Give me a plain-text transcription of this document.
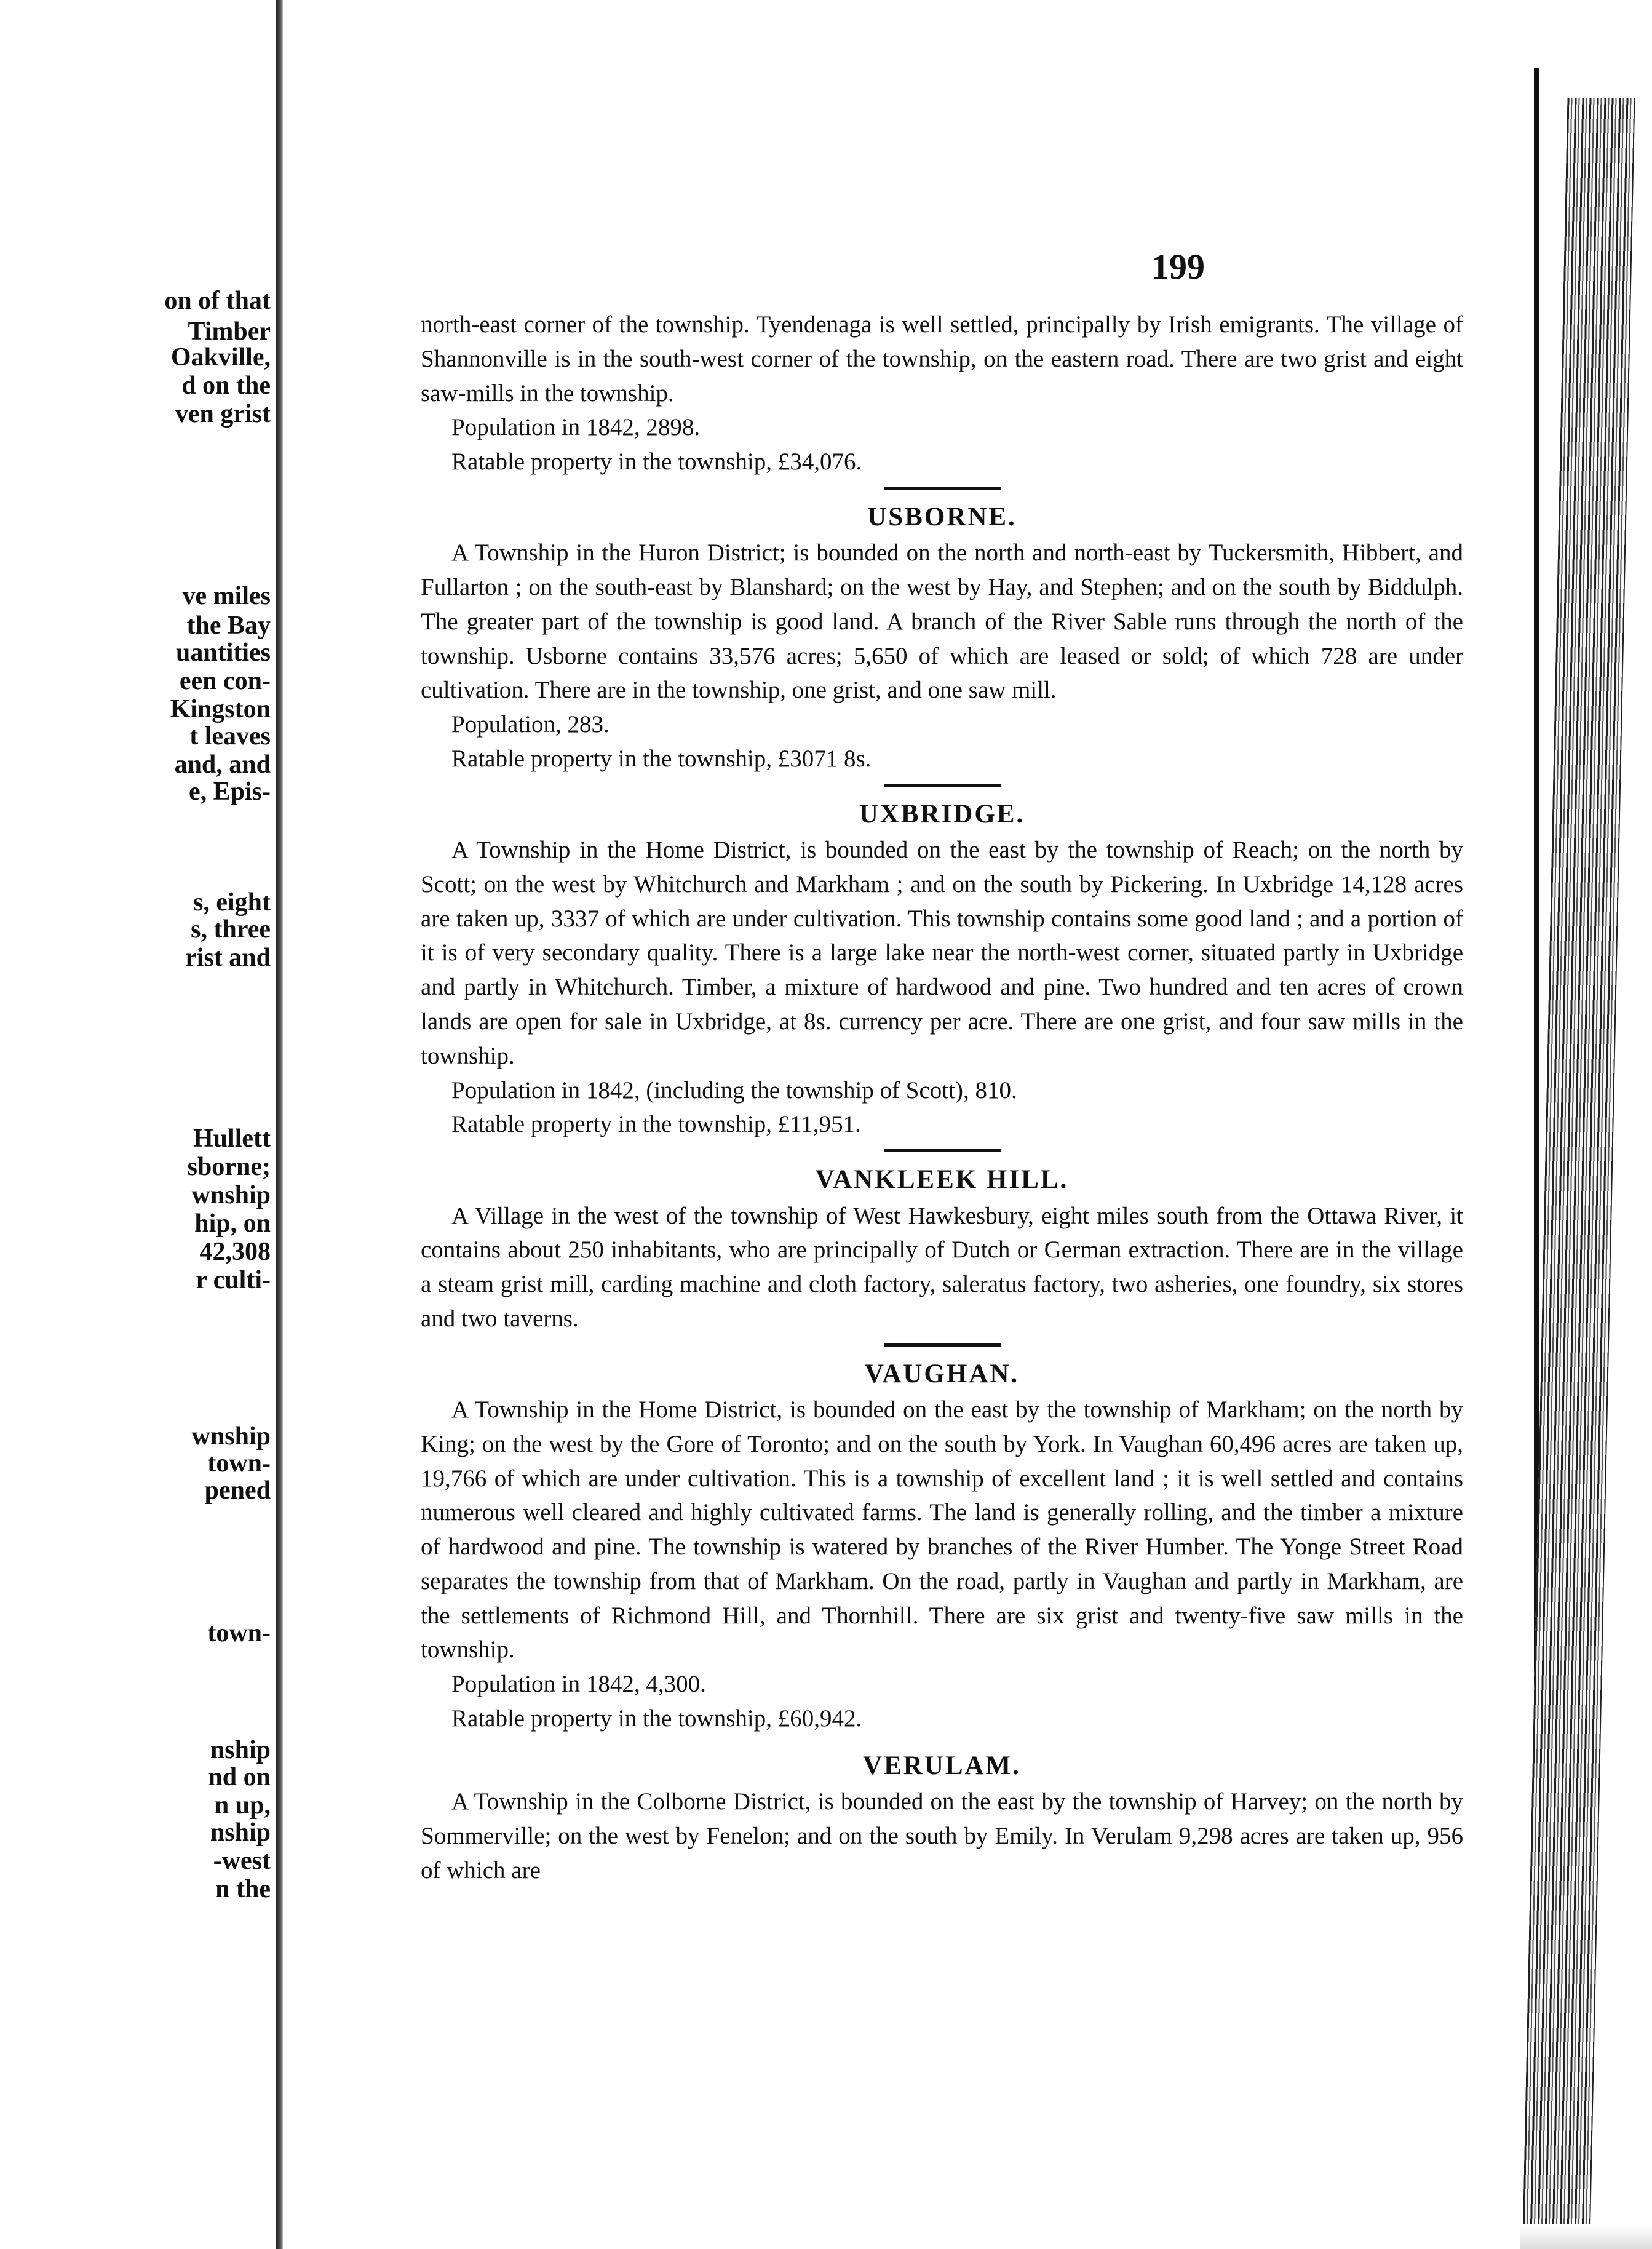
on of that

Timber

Oakville,

d on the

ven grist

ve miles

the Bay

uantities

een con-

Kingston

t leaves

and, and

e, Epis-

s, eight

s, three

rist and

Hullett

sborne;

wnship

hip, on

42,308

r culti-

wnship

town-

pened

town-

nship

nd on

n up,

nship

-west

n the

199

north-east corner of the township. Tyendenaga is well settled, principally by Irish emigrants. The village of Shannonville is in the south-west corner of the township, on the eastern road. There are two grist and eight saw-mills in the township.

Population in 1842, 2898.

Ratable property in the township, £34,076.

USBORNE.

A Township in the Huron District; is bounded on the north and north-east by Tuckersmith, Hibbert, and Fullarton ; on the south-east by Blanshard; on the west by Hay, and Stephen; and on the south by Biddulph. The greater part of the township is good land. A branch of the River Sable runs through the north of the township. Usborne contains 33,576 acres; 5,650 of which are leased or sold; of which 728 are under cultivation. There are in the township, one grist, and one saw mill.

Population, 283.

Ratable property in the township, £3071 8s.

UXBRIDGE.

A Township in the Home District, is bounded on the east by the township of Reach; on the north by Scott; on the west by Whitchurch and Markham ; and on the south by Pickering. In Uxbridge 14,128 acres are taken up, 3337 of which are under cultivation. This township contains some good land ; and a portion of it is of very secondary quality. There is a large lake near the north-west corner, situated partly in Uxbridge and partly in Whitchurch. Timber, a mixture of hardwood and pine. Two hundred and ten acres of crown lands are open for sale in Uxbridge, at 8s. currency per acre. There are one grist, and four saw mills in the township.

Population in 1842, (including the township of Scott), 810.

Ratable property in the township, £11,951.

VANKLEEK HILL.

A Village in the west of the township of West Hawkesbury, eight miles south from the Ottawa River, it contains about 250 inhabitants, who are principally of Dutch or German extraction. There are in the village a steam grist mill, carding machine and cloth factory, saleratus factory, two asheries, one foundry, six stores and two taverns.

VAUGHAN.

A Township in the Home District, is bounded on the east by the township of Markham; on the north by King; on the west by the Gore of Toronto; and on the south by York. In Vaughan 60,496 acres are taken up, 19,766 of which are under cultivation. This is a township of excellent land ; it is well settled and contains numerous well cleared and highly cultivated farms. The land is generally rolling, and the timber a mixture of hardwood and pine. The township is watered by branches of the River Humber. The Yonge Street Road separates the township from that of Markham. On the road, partly in Vaughan and partly in Markham, are the settlements of Richmond Hill, and Thornhill. There are six grist and twenty-five saw mills in the township.

Population in 1842, 4,300.

Ratable property in the township, £60,942.

VERULAM.

A Township in the Colborne District, is bounded on the east by the township of Harvey; on the north by Sommerville; on the west by Fenelon; and on the south by Emily. In Verulam 9,298 acres are taken up, 956 of which are
